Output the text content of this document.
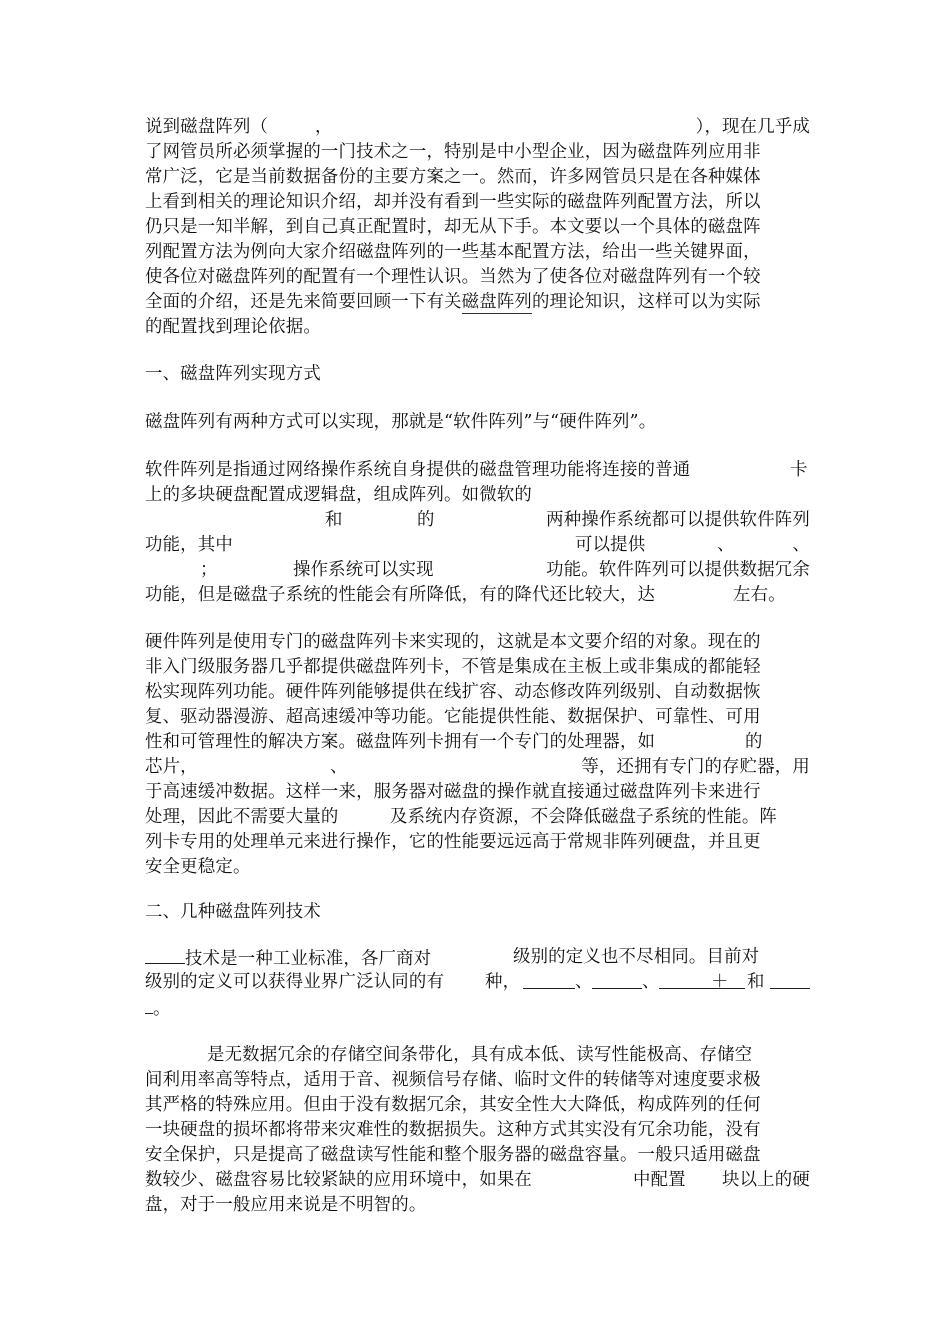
说到磁盘阵列（	，	），现在几乎成
了网管员所必须掌握的一门技术之一，特别是中小型企业，因为磁盘阵列应用非
常广泛，它是当前数据备份的主要方案之一。然而，许多网管员只是在各种媒体
上看到相关的理论知识介绍，却并没有看到一些实际的磁盘阵列配置方法，所以
仍只是一知半解，到自己真正配置时，却无从下手。本文要以一个具体的磁盘阵
列配置方法为例向大家介绍磁盘阵列的一些基本配置方法，给出一些关键界面，
使各位对磁盘阵列的配置有一个理性认识。当然为了使各位对磁盘阵列有一个较
全面的介绍，还是先来简要回顾一下有关磁盘阵列的理论知识，这样可以为实际
的配置找到理论依据。
一、磁盘阵列实现方式
磁盘阵列有两种方式可以实现，那就是“软件阵列”与“硬件阵列”。
软件阵列是指通过网络操作系统自身提供的磁盘管理功能将连接的普通	卡
上的多块硬盘配置成逻辑盘，组成阵列。如微软的
和	的	两种操作系统都可以提供软件阵列
功能，其中	可以提供	、	、
；	操作系统可以实现	功能。软件阵列可以提供数据冗余
功能，但是磁盘子系统的性能会有所降低，有的降代还比较大，达	左右。
硬件阵列是使用专门的磁盘阵列卡来实现的，这就是本文要介绍的对象。现在的
非入门级服务器几乎都提供磁盘阵列卡，不管是集成在主板上或非集成的都能轻
松实现阵列功能。硬件阵列能够提供在线扩容、动态修改阵列级别、自动数据恢
复、驱动器漫游、超高速缓冲等功能。它能提供性能、数据保护、可靠性、可用
性和可管理性的解决方案。磁盘阵列卡拥有一个专门的处理器，如	的
芯片，	、	等，还拥有专门的存贮器，用
于高速缓冲数据。这样一来，服务器对磁盘的操作就直接通过磁盘阵列卡来进行
处理，因此不需要大量的	及系统内存资源，不会降低磁盘子系统的性能。阵
列卡专用的处理单元来进行操作，它的性能要远远高于常规非阵列硬盘，并且更
安全更稳定。
二、几种磁盘阵列技术
技术是一种工业标准，各厂商对	级别的定义也不尽相同。目前对
级别的定义可以获得业界广泛认同的有 种，	、	、	＋ 和
。
是无数据冗余的存储空间条带化，具有成本低、读写性能极高、存储空
间利用率高等特点，适用于音、视频信号存储、临时文件的转储等对速度要求极
其严格的特殊应用。但由于没有数据冗余，其安全性大大降低，构成阵列的任何
一块硬盘的损坏都将带来灾难性的数据损失。这种方式其实没有冗余功能，没有
安全保护，只是提高了磁盘读写性能和整个服务器的磁盘容量。一般只适用磁盘
数较少、磁盘容易比较紧缺的应用环境中，如果在	中配置 块以上的硬
盘，对于一般应用来说是不明智的。
